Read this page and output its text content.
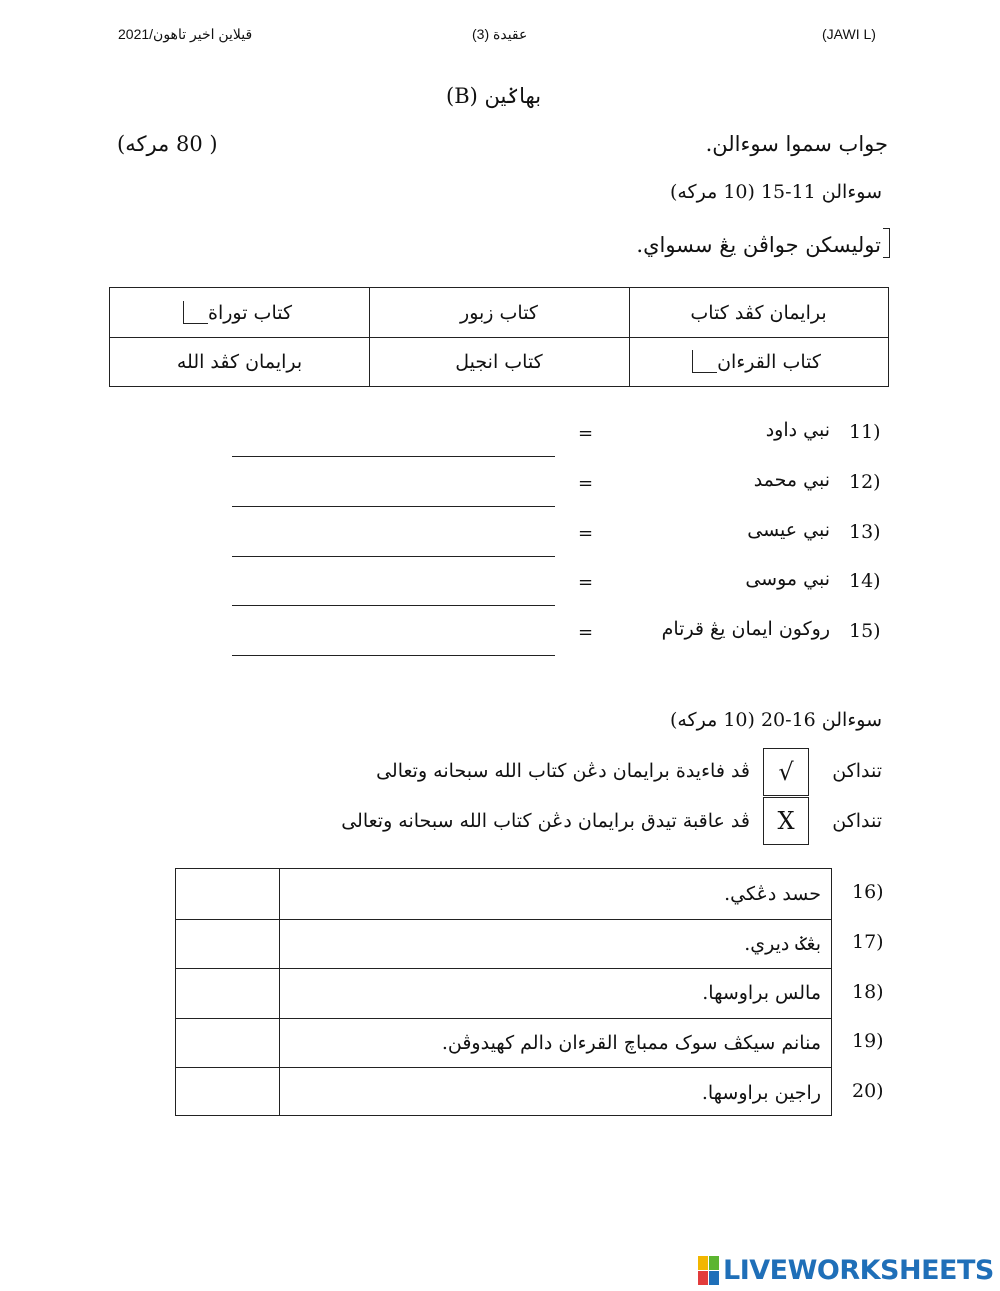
قيلاين اخير تاهون/2021	عقيدة (3)	(JAWI L)
بهاݢين (B)
جواب سموا سوءالن.
( 80 مركه)
سوءالن 11-15 (10 مركه)
توليسکن جواڤن يڠ سسواي.
برايمان كڤد كتاب
كتاب زبور
كتاب توراة
كتاب القرءان
كتاب انجيل
برايمان كڤد الله
11)
نبي داود
=
12)
نبي محمد
=
13)
نبي عيسى
=
14)
نبي موسى
=
15)
روكون ايمان يڠ قرتام
=
سوءالن 16-20 (10 مركه)
تنداکن
√
ڤد فاءيدة برايمان دڠن كتاب الله سبحانه وتعالى
تنداکن
X
ڤد عاقبة تيدق برايمان دڠن كتاب الله سبحانه وتعالى
حسد دڠکي.
بڠݢ ديري.
مالس براوسها.
منانم سيکڤ سوک ممباچ القرءان دالم کهيدوڤن.
راجين براوسها.
16)
17)
18)
19)
20)
LIVEWORKSHEETS
